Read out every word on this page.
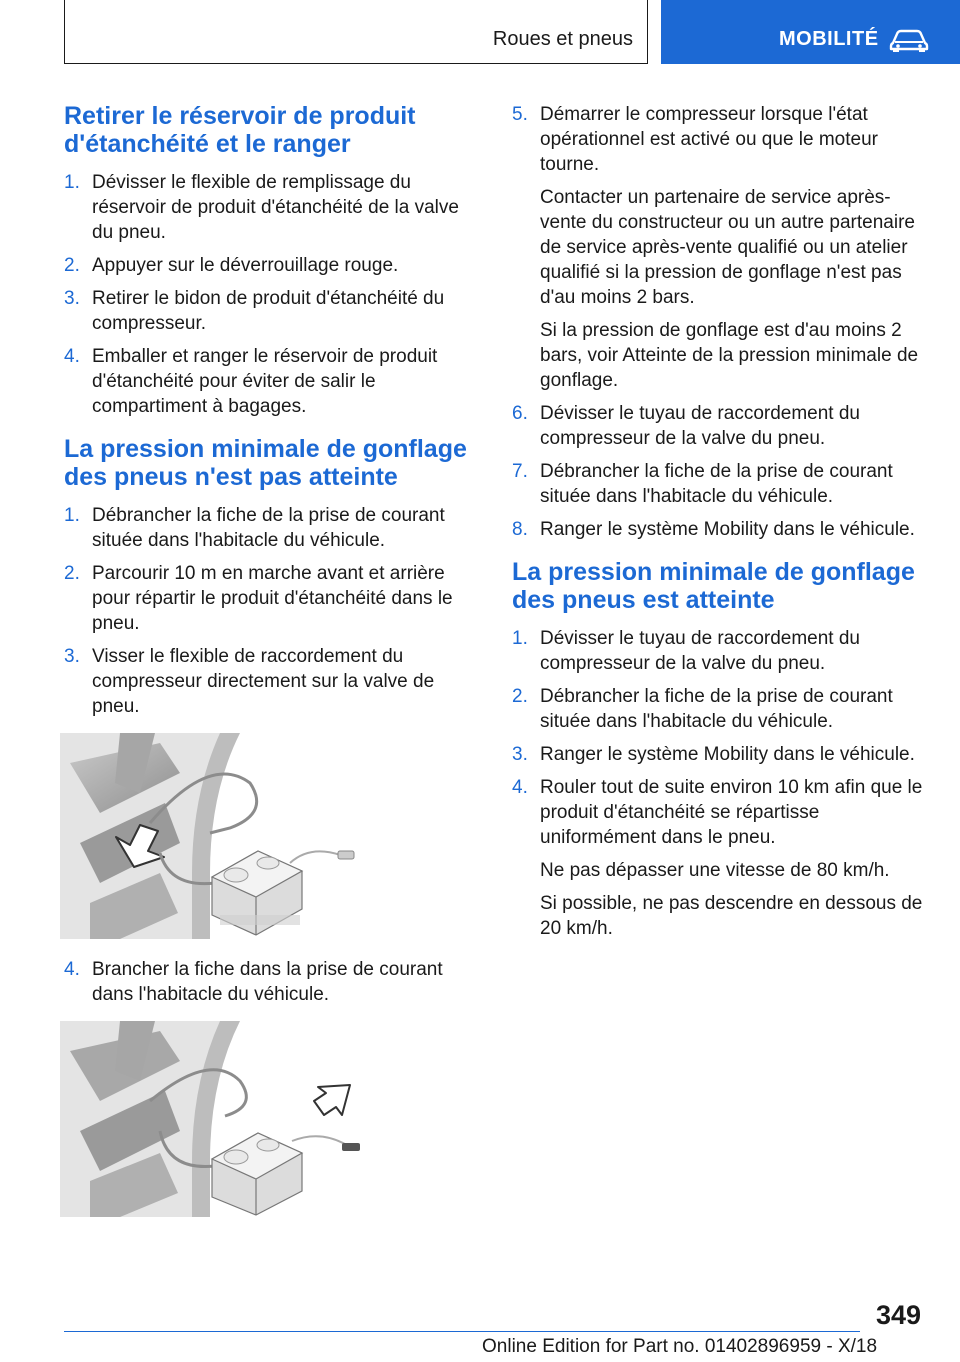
Roues et pneus	MOBILITÉ
Retirer le réservoir de produit d'étanchéité et le ranger
1. Dévisser le flexible de remplissage du réservoir de produit d'étanchéité de la valve du pneu.

2. Appuyer sur le déverrouillage rouge.

3. Retirer le bidon de produit d'étanchéité du compresseur.

4. Emballer et ranger le réservoir de produit d'étanchéité pour éviter de salir le compartiment à bagages.

La pression minimale de gonflage des pneus n'est pas atteinte
1. Débrancher la fiche de la prise de courant située dans l'habitacle du véhicule.

2. Parcourir 10 m en marche avant et arrière pour répartir le produit d'étanchéité dans le pneu.

3. Visser le flexible de raccordement du compresseur directement sur la valve de pneu.

4. Brancher la fiche dans la prise de courant dans l'habitacle du véhicule.

5. Démarrer le compresseur lorsque l'état opérationnel est activé ou que le moteur tourne.

Contacter un partenaire de service après-vente du constructeur ou un autre partenaire de service après-vente qualifié ou un atelier qualifié si la pression de gonflage n'est pas d'au moins 2 bars.

Si la pression de gonflage est d'au moins 2 bars, voir Atteinte de la pression minimale de gonflage.

6. Dévisser le tuyau de raccordement du compresseur de la valve du pneu.

7. Débrancher la fiche de la prise de courant située dans l'habitacle du véhicule.

8. Ranger le système Mobility dans le véhicule.

La pression minimale de gonflage des pneus est atteinte
1. Dévisser le tuyau de raccordement du compresseur de la valve du pneu.

2. Débrancher la fiche de la prise de courant située dans l'habitacle du véhicule.

3. Ranger le système Mobility dans le véhicule.

4. Rouler tout de suite environ 10 km afin que le produit d'étanchéité se répartisse uniformément dans le pneu.

Ne pas dépasser une vitesse de 80 km/h.

Si possible, ne pas descendre en dessous de 20 km/h.

349
Online Edition for Part no. 01402896959 - X/18
